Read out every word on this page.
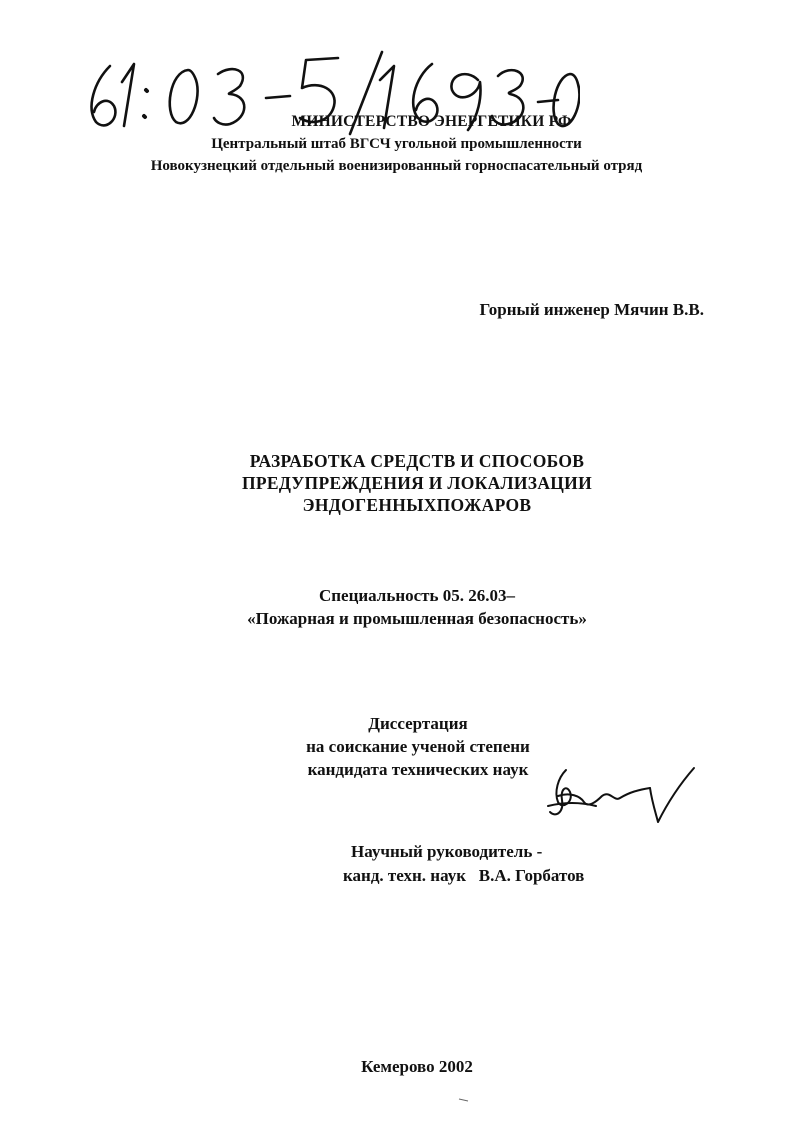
МИНИСТЕРСТВО ЭНЕРГЕТИКИ РФ
Центральный штаб ВГСЧ угольной промышленности
Новокузнецкий отдельный военизированный горноспасательный отряд
Горный инженер Мячин В.В.
РАЗРАБОТКА СРЕДСТВ И СПОСОБОВ
ПРЕДУПРЕЖДЕНИЯ И ЛОКАЛИЗАЦИИ
ЭНДОГЕННЫХПОЖАРОВ
Специальность 05. 26.03–
«Пожарная и промышленная безопасность»
Диссертация
на соискание ученой степени
кандидата технических наук
Научный руководитель -
канд. техн. наук   В.А. Горбатов
Кемерово 2002
